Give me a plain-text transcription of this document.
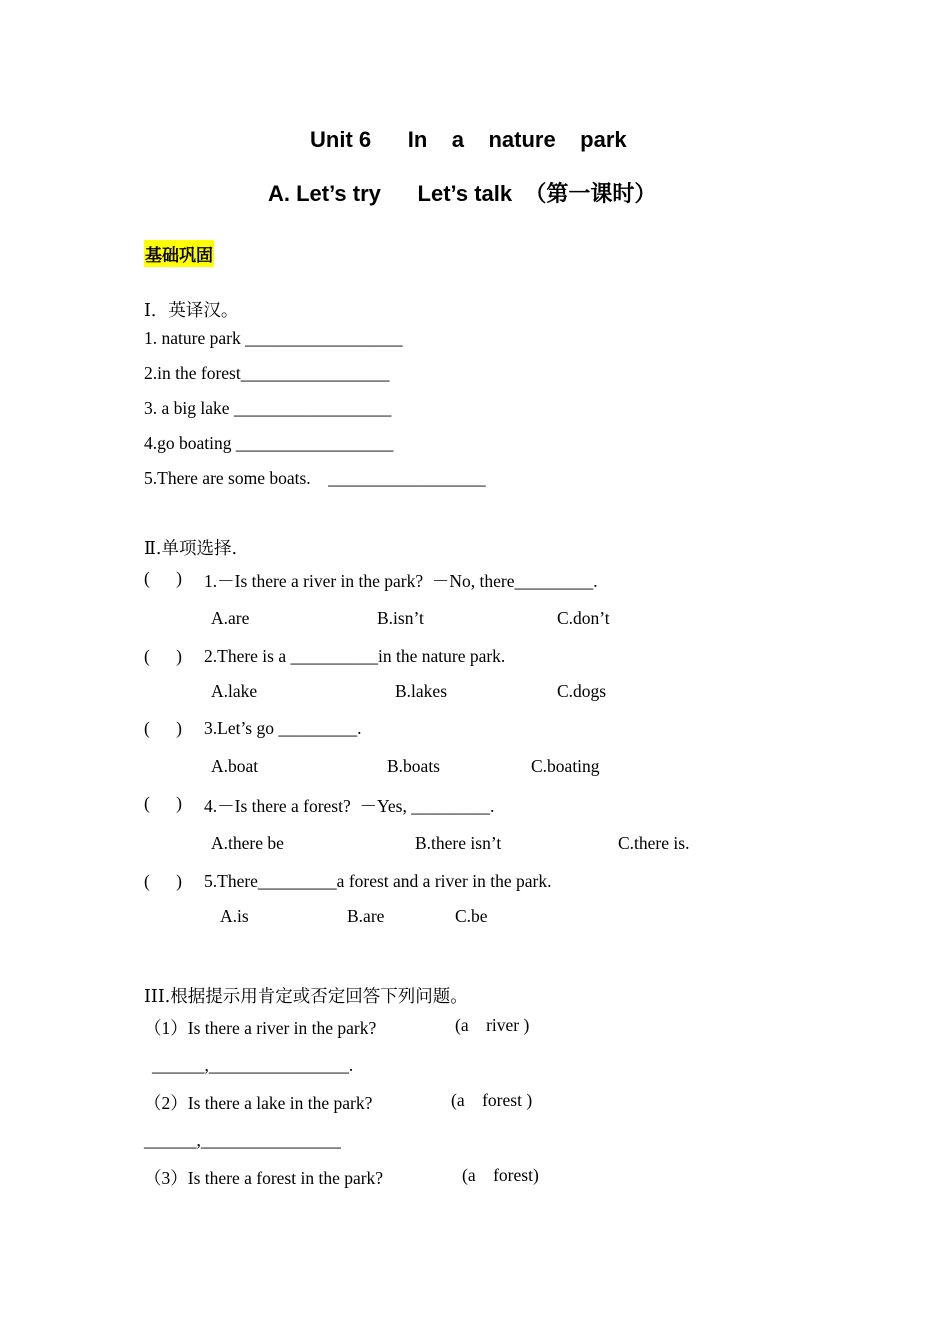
Unit 6      In    a    nature    park
A. Let’s try      Let’s talk  （第一课时）
基础巩固
Ⅰ．英译汉。
1. nature park __________________
2.in the forest_________________
3. a big lake __________________
4.go boating __________________
5.There are some boats.    __________________
Ⅱ.单项选择.
(      ) 1.－Is there a river in the park?  －No, there_________.
A.are	B.isn’t	C.don’t
(      ) 2.There is a __________in the nature park.
A.lake	B.lakes	C.dogs
(      ) 3.Let’s go _________.
A.boat	B.boats	C.boating
(      ) 4.－Is there a forest?  －Yes, _________.
A.there be	B.there isn’t	C.there is.
(      ) 5.There_________a forest and a river in the park.
A.is	B.are	C.be
III.根据提示用肯定或否定回答下列问题。
（1）Is there a river in the park?	(a    river )
______,________________.
（2）Is there a lake in the park?	(a    forest )
______,________________
（3）Is there a forest in the park?	(a    forest)
